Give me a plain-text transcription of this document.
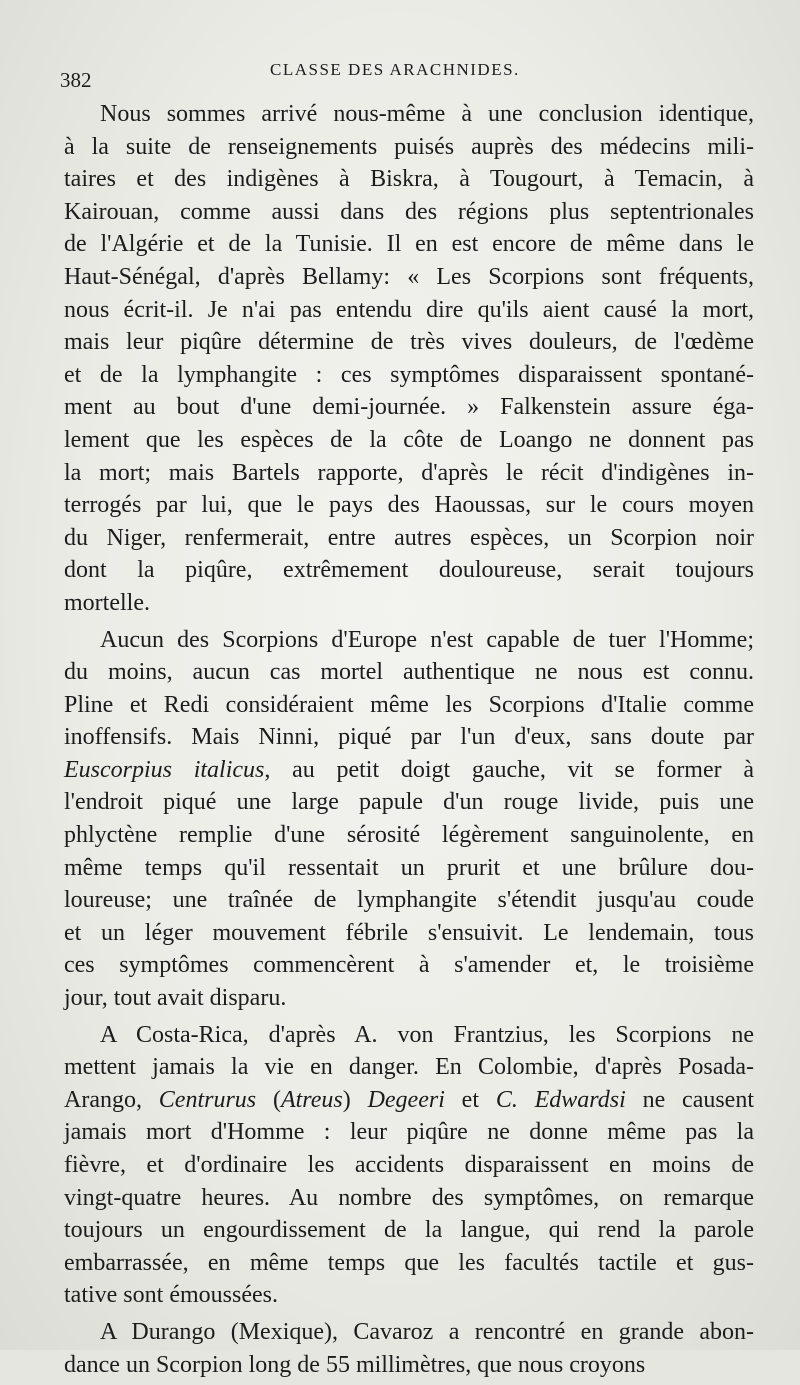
382	CLASSE DES ARACHNIDES.
Nous sommes arrivé nous-même à une conclusion identique,
à la suite de renseignements puisés auprès des médecins mili-
taires et des indigènes à Biskra, à Tougourt, à Temacin, à
Kairouan, comme aussi dans des régions plus septentrionales
de l'Algérie et de la Tunisie. Il en est encore de même dans le
Haut-Sénégal, d'après Bellamy: « Les Scorpions sont fréquents,
nous écrit-il. Je n'ai pas entendu dire qu'ils aient causé la mort,
mais leur piqûre détermine de très vives douleurs, de l'œdème
et de la lymphangite : ces symptômes disparaissent spontané-
ment au bout d'une demi-journée. » Falkenstein assure éga-
lement que les espèces de la côte de Loango ne donnent pas
la mort; mais Bartels rapporte, d'après le récit d'indigènes in-
terrogés par lui, que le pays des Haoussas, sur le cours moyen
du Niger, renfermerait, entre autres espèces, un Scorpion noir
dont la piqûre, extrêmement douloureuse, serait toujours
mortelle.
Aucun des Scorpions d'Europe n'est capable de tuer l'Homme;
du moins, aucun cas mortel authentique ne nous est connu.
Pline et Redi considéraient même les Scorpions d'Italie comme
inoffensifs. Mais Ninni, piqué par l'un d'eux, sans doute par
Euscorpius italicus, au petit doigt gauche, vit se former à
l'endroit piqué une large papule d'un rouge livide, puis une
phlyctène remplie d'une sérosité légèrement sanguinolente, en
même temps qu'il ressentait un prurit et une brûlure dou-
loureuse; une traînée de lymphangite s'étendit jusqu'au coude
et un léger mouvement fébrile s'ensuivit. Le lendemain, tous
ces symptômes commencèrent à s'amender et, le troisième
jour, tout avait disparu.
A Costa-Rica, d'après A. von Frantzius, les Scorpions ne
mettent jamais la vie en danger. En Colombie, d'après Posada-
Arango, Centrurus (Atreus) Degeeri et C. Edwardsi ne causent
jamais mort d'Homme : leur piqûre ne donne même pas la
fièvre, et d'ordinaire les accidents disparaissent en moins de
vingt-quatre heures. Au nombre des symptômes, on remarque
toujours un engourdissement de la langue, qui rend la parole
embarrassée, en même temps que les facultés tactile et gus-
tative sont émoussées.
A Durango (Mexique), Cavaroz a rencontré en grande abon-
dance un Scorpion long de 55 millimètres, que nous croyons
